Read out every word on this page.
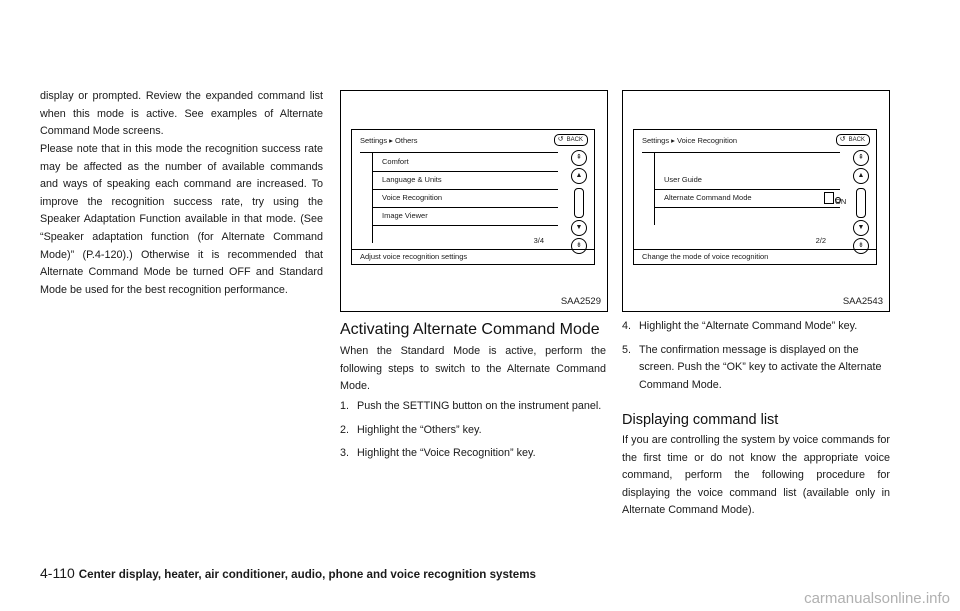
display or prompted. Review the expanded command list when this mode is active. See examples of Alternate Command Mode screens.

Please note that in this mode the recognition success rate may be affected as the number of available commands and ways of speaking each command are increased. To improve the recognition success rate, try using the Speaker Adaptation Function available in that mode. (See “Speaker adaptation function (for Alternate Command Mode)” (P.4-120).) Otherwise it is recommended that Alternate Command Mode be turned OFF and Standard Mode be used for the best recognition performance.

Settings ▸ Others	↺ BACK
Comfort
Language & Units
Voice Recognition
Image Viewer
3/4
⇞
▲
▼
⇟
Adjust voice recognition settings
SAA2529
Settings ▸ Voice Recognition	↺ BACK
User Guide
Alternate Command Mode	ON
2/2
⇞
▲
▼
⇟
Change the mode of voice recognition
SAA2543
Activating Alternate Command Mode

When the Standard Mode is active, perform the following steps to switch to the Alternate Command Mode.

1. Push the SETTING button on the instrument panel.
2. Highlight the “Others” key.
3. Highlight the “Voice Recognition” key.
4. Highlight the “Alternate Command Mode” key.
5. The confirmation message is displayed on the screen. Push the “OK” key to activate the Alternate Command Mode.
Displaying command list

If you are controlling the system by voice commands for the first time or do not know the appropriate voice command, perform the following procedure for displaying the voice command list (available only in Alternate Command Mode).

4-110 Center display, heater, air conditioner, audio, phone and voice recognition systems
carmanualsonline.info
